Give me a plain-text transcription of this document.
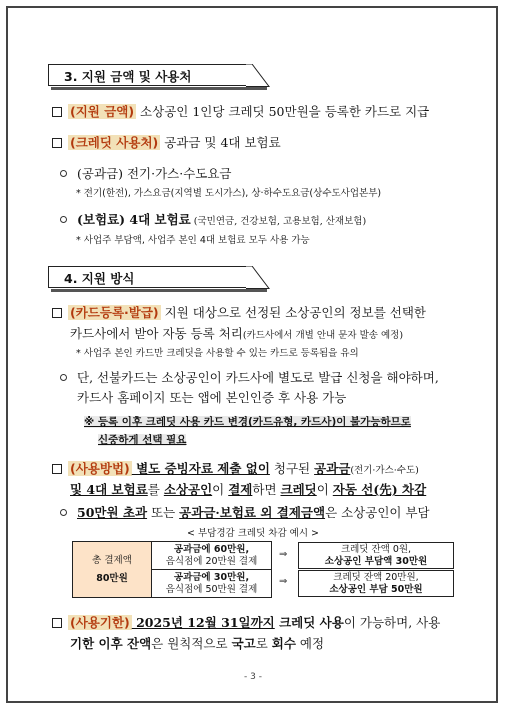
3. 지원 금액 및 사용처
(지원 금액) 소상공인 1인당 크레딧 50만원을 등록한 카드로 지급
(크레딧 사용처) 공과금 및 4대 보험료
(공과금) 전기·가스·수도요금
* 전기(한전), 가스요금(지역별 도시가스), 상·하수도요금(상수도사업본부)
(보험료) 4대 보험료 (국민연금, 건강보험, 고용보험, 산재보험)
* 사업주 부담액, 사업주 본인 4대 보험료 모두 사용 가능
4. 지원 방식
(카드등록·발급) 지원 대상으로 선정된 소상공인의 정보를 선택한
카드사에서 받아 자동 등록 처리(카드사에서 개별 안내 문자 발송 예정)
* 사업주 본인 카드만 크레딧을 사용할 수 있는 카드로 등록됨을 유의
단, 선불카드는 소상공인이 카드사에 별도로 발급 신청을 해야하며,
카드사 홈페이지 또는 앱에 본인인증 후 사용 가능
※ 등록 이후 크레딧 사용 카드 변경(카드유형, 카드사)이 불가능하므로
신중하게 선택 필요
(사용방법) 별도 증빙자료 제출 없이 청구된 공과금(전기·가스·수도)
및 4대 보험료를 소상공인이 결제하면 크레딧이 자동 선(先) 차감
50만원 초과 또는 공과금·보험료 외 결제금액은 소상공인이 부담
< 부담경감 크레딧 차감 예시 >
총 결제액
80만원
공과금에 60만원,
음식점에 20만원 결제
공과금에 30만원,
음식점에 50만원 결제
⇒
⇒
크레딧 잔액 0원,
소상공인 부담액 30만원
크레딧 잔액 20만원,
소상공인 부담 50만원
(사용기한) 2025년 12월 31일까지 크레딧 사용이 가능하며, 사용
기한 이후 잔액은 원칙적으로 국고로 회수 예정
- 3 -
